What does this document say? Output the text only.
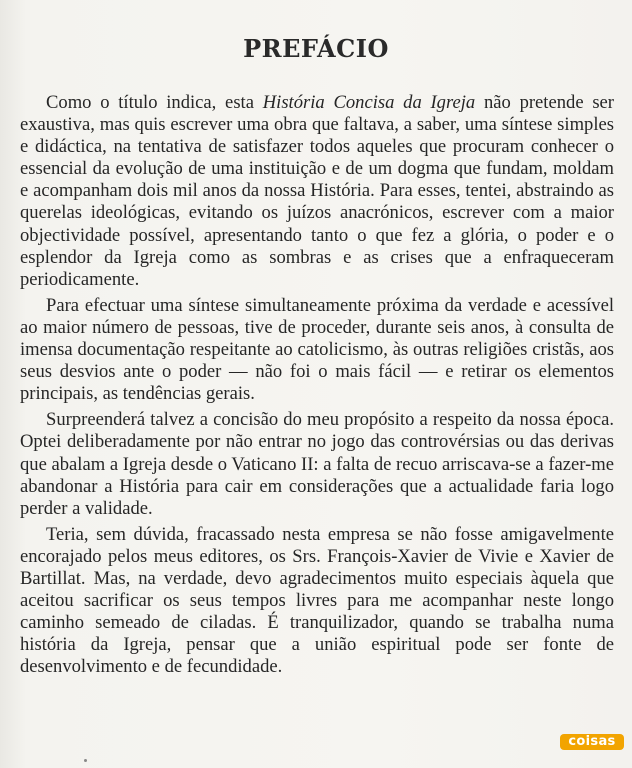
PREFÁCIO

Como o título indica, esta História Concisa da Igreja não pretende ser exaustiva, mas quis escrever uma obra que faltava, a saber, uma síntese simples e didáctica, na tentativa de satisfazer todos aqueles que procuram conhecer o essencial da evolução de uma instituição e de um dogma que fundam, moldam e acompanham dois mil anos da nossa História. Para esses, tentei, abstraindo as querelas ideológicas, evitando os juízos anacrónicos, escrever com a maior objectividade possível, apresentando tanto o que fez a glória, o poder e o esplendor da Igreja como as sombras e as crises que a enfraqueceram periodicamente.

Para efectuar uma síntese simultaneamente próxima da verdade e acessível ao maior número de pessoas, tive de proceder, durante seis anos, à consulta de imensa documentação respeitante ao catolicismo, às outras religiões cristãs, aos seus desvios ante o poder — não foi o mais fácil — e retirar os elementos principais, as tendências gerais.

Surpreenderá talvez a concisão do meu propósito a respeito da nossa época. Optei deliberadamente por não entrar no jogo das controvérsias ou das derivas que abalam a Igreja desde o Vaticano II: a falta de recuo arriscava-se a fazer-me abandonar a História para cair em considerações que a actualidade faria logo perder a validade.

Teria, sem dúvida, fracassado nesta empresa se não fosse amigavelmente encorajado pelos meus editores, os Srs. François-Xavier de Vivie e Xavier de Bartillat. Mas, na verdade, devo agradecimentos muito especiais àquela que aceitou sacrificar os seus tempos livres para me acompanhar neste longo caminho semeado de ciladas. É tranquilizador, quando se trabalha numa história da Igreja, pensar que a união espiritual pode ser fonte de desenvolvimento e de fecundidade.

coisas
